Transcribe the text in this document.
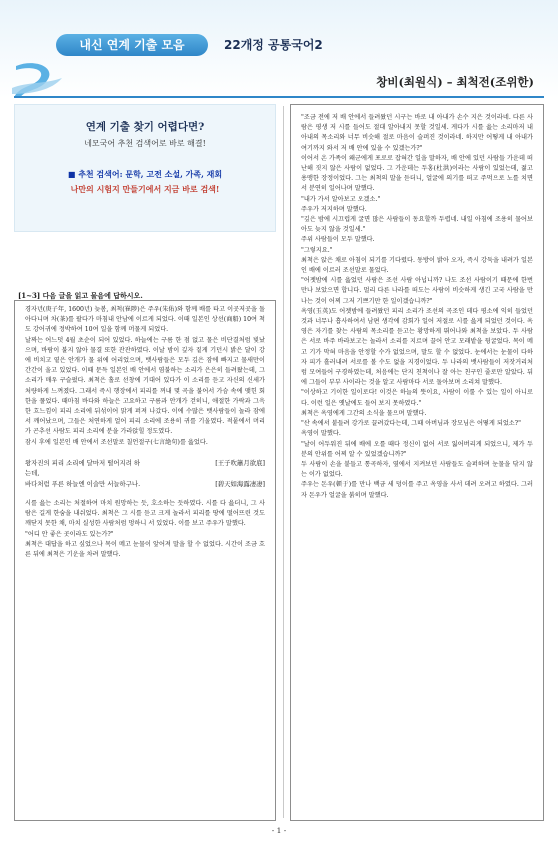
내신 연계 기출 모음	22개정 공통국어2
창비(최원식) – 최척전(조위한)
연계 기출 찾기 어렵다면?
네모국어 추천 검색어로 바로 해결!
■ 추천 검색어: 문학, 고전 소설, 가족, 재회
나만의 시험지 만들기에서 지금 바로 검색!
[1~3] 다음 글을 읽고 물음에 답하시오.

경자년(庚子年, 1600년) 늦봄, 최척(崔陟)은 주우(朱佑)와 함께 배를 타고 이곳저곳을 돌아다니며 차(茶)를 팔다가 마침내 안남에 이르게 되었다. 이때 일본인 상선(商船) 10여 척도 강어귀에 정박하여 10여 일을 함께 머물게 되었다.

날짜는 어느덧 4월 초순이 되어 있었다. 하늘에는 구름 한 점 없고 물은 비단결처럼 빛났으며, 바람이 불지 않아 물결 또한 잔잔하였다. 이날 밤이 깊자 짙게 기던시 밝은 달이 강에 비치고 옅은 안개가 물 위에 어리었으며, 뱃사람들은 모두 깊은 잠에 빠지고 물새만이 간간이 울고 있었다. 이때 문득 일본인 배 안에서 염불하는 소리가 은은히 들려왔는데, 그 소리가 매우 구슬펐다. 최척은 홀로 선창에 기대어 있다가 이 소리를 듣고 자신의 신세가 처량하게 느껴졌다. 그래서 즉시 행장에서 피리를 꺼내 몇 곡을 불어서 가슴 속에 맺힌 회한을 풀었다. 때마침 바다와 하늘은 고요하고 구름과 안개가 걷히니, 애절한 가락과 그윽한 흐느낌이 피리 소리에 뒤섞이어 맑게 퍼져 나갔다. 이에 수많은 뱃사람들이 놀라 잠에서 깨어났으며, 그들은 처연하게 얼어 피리 소리에 조용히 귀를 기울였다. 적뭍에서 머리가 곤추선 사람도 피리 소리에 분을 가라앉힐 정도였다.

잠시 후에 일본인 배 안에서 조선말로 칠언절구(七言絶句)를 읊었다.

왕자진의 피리 소리에 달마저 떨어지려 하	[王子吹簫月欲底]
는데,
바다처럼 푸른 하늘엔 이슬만 서늘하구나.	[碧天如海露凄凄]

시를 읊는 소리는 처절하여 마치 원망하는 듯, 호소하는 듯하였다. 시를 다 읊더니, 그 사람은 길게 한숨을 내쉬었다. 최척은 그 시를 듣고 크게 놀라서 피리를 땅에 떨어뜨린 것도 깨닫지 못한 채, 마치 실성한 사람처럼 멍하니 서 있었다. 이를 보고 주우가 말했다.

"어디 안 좋은 곳이라도 있는가?"

최척은 대답을 하고 싶었으나 목이 메고 눈물이 앞어져 말을 할 수 없었다. 시간이 조금 흐른 뒤에 최척은 기운을 차려 말했다.

"조금 전에 저 배 안에서 들려왔던 시구는 바로 내 아내가 손수 지은 것이라네. 다른 사람은 평생 저 시를 들어도 절대 알아내지 못할 것일세. 게다가 시를 읊는 소리마저 내 아내의 목소리와 너무 비슷해 절로 마음이 슬퍼진 것이라네. 하지만 어떻게 내 아내가 여기까지 와서 저 배 안에 있을 수 있겠는가?"

이어서 온 가족이 왜군에게 포로로 잡혀간 일을 말하자, 배 안에 있던 사람들 가운데 떠난해 짓지 않은 사람이 없었다. 그 가운데는 두홍(杜洪)이라는 사람이 있었는데, 젊고 용맹한 장정이었다. 그는 최척의 말을 듣더니, 얼굴에 의기를 떠고 주먹으로 노를 치면서 분연히 일어나며 말했다.

"내가 가서 알아보고 오겠소."

주우가 저지하며 말했다.

"깊은 밤에 시끄럽게 굴면 많은 사람들이 동요할까 두렵네. 내일 아침에 조용히 물어보아도 늦지 않을 것일세."

주위 사람들이 모두 말했다.

"그렇지요."

최척은 앉은 채로 아침이 되기를 기다렸다. 동방이 밝아 오자, 즉시 강둑을 내려가 일본인 배에 이르러 조선말로 물었다.

"어젯밤에 시를 읊었던 사람은 조선 사람 아닙니까? 나도 조선 사람이기 때문에 한번 만나 보았으면 합니다. 멀리 다른 나라를 떠도는 사람이 비슷하게 생긴 고국 사람을 만나는 것이 어찌 그저 기쁘기만 한 일이겠습니까?"

옥영(玉英)도 어젯밤에 들려왔던 피리 소리가 조선의 곡조인 데다 평소에 익히 들었던 것과 너무나 흡사하여서 남편 생각에 감회가 일어 저절로 시를 읊게 되었던 것이다. 옥영은 자기를 찾는 사람의 목소리를 듣고는 황망하게 뛰어나와 최척을 보았다. 두 사람은 서로 바주 바라보고는 놀라서 소리를 지르며 끌어 안고 모래밭을 뒹굴었다. 목이 메고 기가 막혀 마음을 안정할 수가 없었으며, 말도 할 수 없었다. 눈에서는 눈물이 다하자 피가 흘러내려 서로를 볼 수도 없을 지경이었다. 두 나라의 뱃사람들이 저잣거리처럼 모여들어 구경하였는데, 처음에는 단지 친척이나 잘 아는 친구인 줄로만 알았다. 뒤에 그들이 부부 사이라는 것을 알고 사람마다 서로 돌아보며 소리쳐 말했다.

"이상하고 기이한 일이로다! 이것은 하늘의 뜻이요, 사람이 이룰 수 있는 일이 아니로다. 이런 일은 옛날에도 들어 보지 못하였다."

최척은 옥영에게 그간의 소식을 물으며 말했다.

"산 속에서 붙들려 강가로 끌려갔다는데, 그때 아버님과 장모님은 어떻게 되었소?"

옥영이 말했다.

"날이 어두워진 뒤에 배에 오를 때다 정신이 없어 서로 잃어버리게 되었으니, 제가 두 분의 안위를 어찌 알 수 있었겠습니까?"

두 사람이 손을 붙들고 통곡하자, 옆에서 지켜보던 사람들도 슬퍼하며 눈물을 닦지 않는 이가 없었다.

주우는 돈우(頓于)를 만나 백금 세 덩이를 주고 옥영을 사서 데려 오려고 하였다. 그러자 돈우가 얼굴을 붉히며 말했다.

- 1 -
